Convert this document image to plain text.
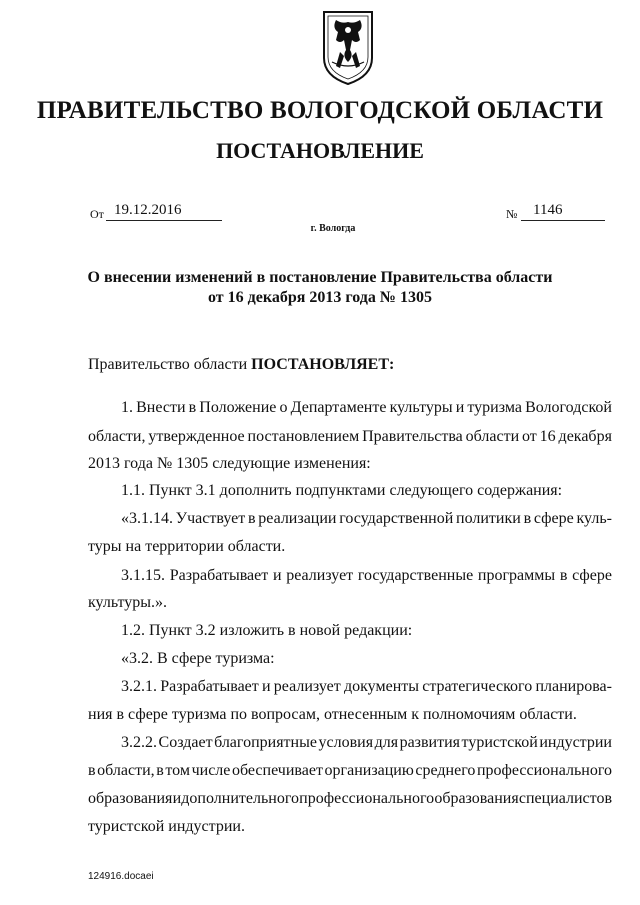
ПРАВИТЕЛЬСТВО ВОЛОГОДСКОЙ ОБЛАСТИ
ПОСТАНОВЛЕНИЕ
От 19.12.2016	№	1146
г. Вологда
О внесении изменений в постановление Правительства области
от 16 декабря 2013 года № 1305
Правительство области ПОСТАНОВЛЯЕТ:
1. Внести в Положение о Департаменте культуры и туризма Вологодской
области, утвержденное постановлением Правительства области от 16 декабря
2013 года № 1305 следующие изменения:
1.1. Пункт 3.1 дополнить подпунктами следующего содержания:
«3.1.14. Участвует в реализации государственной политики в сфере куль-
туры на территории области.
3.1.15. Разрабатывает и реализует государственные программы в сфере
культуры.».
1.2. Пункт 3.2 изложить в новой редакции:
«3.2. В сфере туризма:
3.2.1. Разрабатывает и реализует документы стратегического планирова-
ния в сфере туризма по вопросам, отнесенным к полномочиям области.
3.2.2. Создает благоприятные условия для развития туристской индустрии
в области, в том числе обеспечивает организацию среднего профессионального
образования и дополнительного профессионального образования специалистов
туристской индустрии.
124916.docaei
